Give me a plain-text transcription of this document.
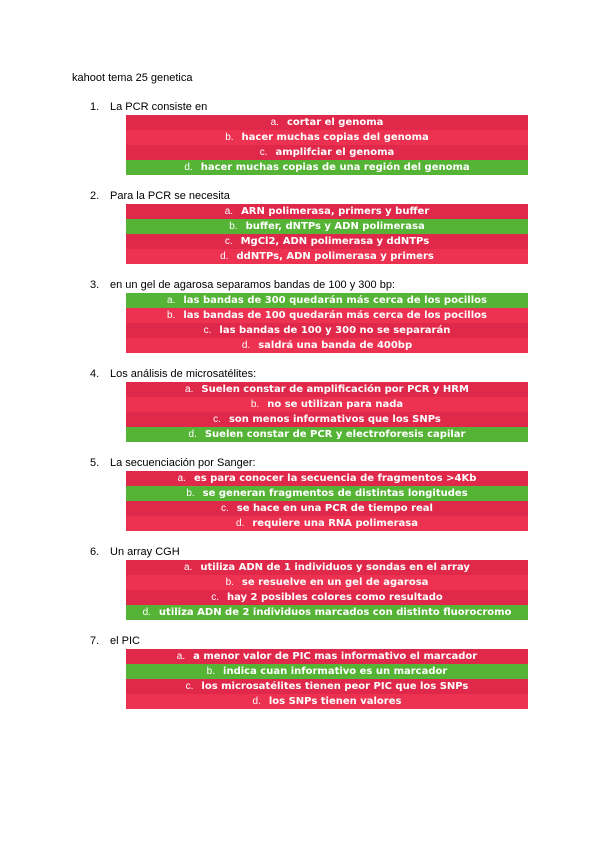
kahoot tema 25 genetica
1. La PCR consiste en
a. cortar el genoma
b. hacer muchas copias del genoma
c. amplifciar el genoma
d. hacer muchas copias de una región del genoma
2. Para la PCR se necesita
a. ARN polimerasa, primers y buffer
b. buffer, dNTPs y ADN polimerasa
c. MgCl2, ADN polimerasa y ddNTPs
d. ddNTPs, ADN polimerasa y primers
3. en un gel de agarosa separamos bandas de 100 y 300 bp:
a. las bandas de 300 quedarán más cerca de los pocillos
b. las bandas de 100 quedarán más cerca de los pocillos
c. las bandas de 100 y 300 no se separarán
d. saldrá una banda de 400bp
4. Los análisis de microsatélites:
a. Suelen constar de amplificación por PCR y HRM
b. no se utilizan para nada
c. son menos informativos que los SNPs
d. Suelen constar de PCR y electroforesis capilar
5. La secuenciación por Sanger:
a. es para conocer la secuencia de fragmentos >4Kb
b. se generan fragmentos de distintas longitudes
c. se hace en una PCR de tiempo real
d. requiere una RNA polimerasa
6. Un array CGH
a. utiliza ADN de 1 individuos y sondas en el array
b. se resuelve en un gel de agarosa
c. hay 2 posibles colores como resultado
d. utiliza ADN de 2 individuos marcados con distinto fluorocromo
7. el PIC
a. a menor valor de PIC mas informativo el marcador
b. indica cuan informativo es un marcador
c. los microsatélites tienen peor PIC que los SNPs
d. los SNPs tienen valores
